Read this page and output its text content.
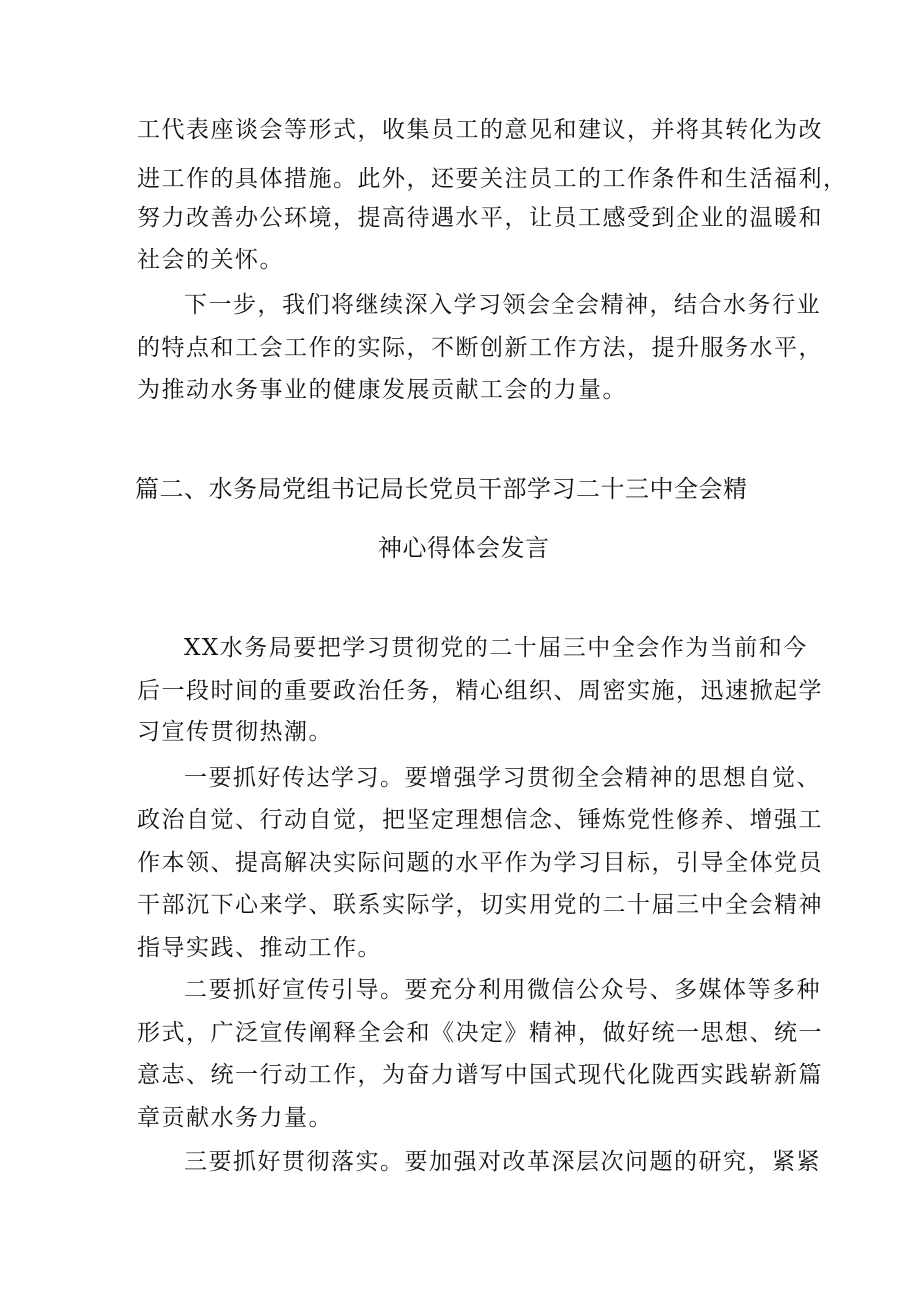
工代表座谈会等形式，收集员工的意见和建议，并将其转化为改
进工作的具体措施。此外，还要关注员工的工作条件和生活福利，
努力改善办公环境，提高待遇水平，让员工感受到企业的温暖和
社会的关怀。
下一步，我们将继续深入学习领会全会精神，结合水务行业
的特点和工会工作的实际，不断创新工作方法，提升服务水平，
为推动水务事业的健康发展贡献工会的力量。
篇二、水务局党组书记局长党员干部学习二十三中全会精
神心得体会发言
XX水务局要把学习贯彻党的二十届三中全会作为当前和今
后一段时间的重要政治任务，精心组织、周密实施，迅速掀起学
习宣传贯彻热潮。
一要抓好传达学习。要增强学习贯彻全会精神的思想自觉、
政治自觉、行动自觉，把坚定理想信念、锤炼党性修养、增强工
作本领、提高解决实际问题的水平作为学习目标，引导全体党员
干部沉下心来学、联系实际学，切实用党的二十届三中全会精神
指导实践、推动工作。
二要抓好宣传引导。要充分利用微信公众号、多媒体等多种
形式，广泛宣传阐释全会和《决定》精神，做好统一思想、统一
意志、统一行动工作，为奋力谱写中国式现代化陇西实践崭新篇
章贡献水务力量。
三要抓好贯彻落实。要加强对改革深层次问题的研究，紧紧
